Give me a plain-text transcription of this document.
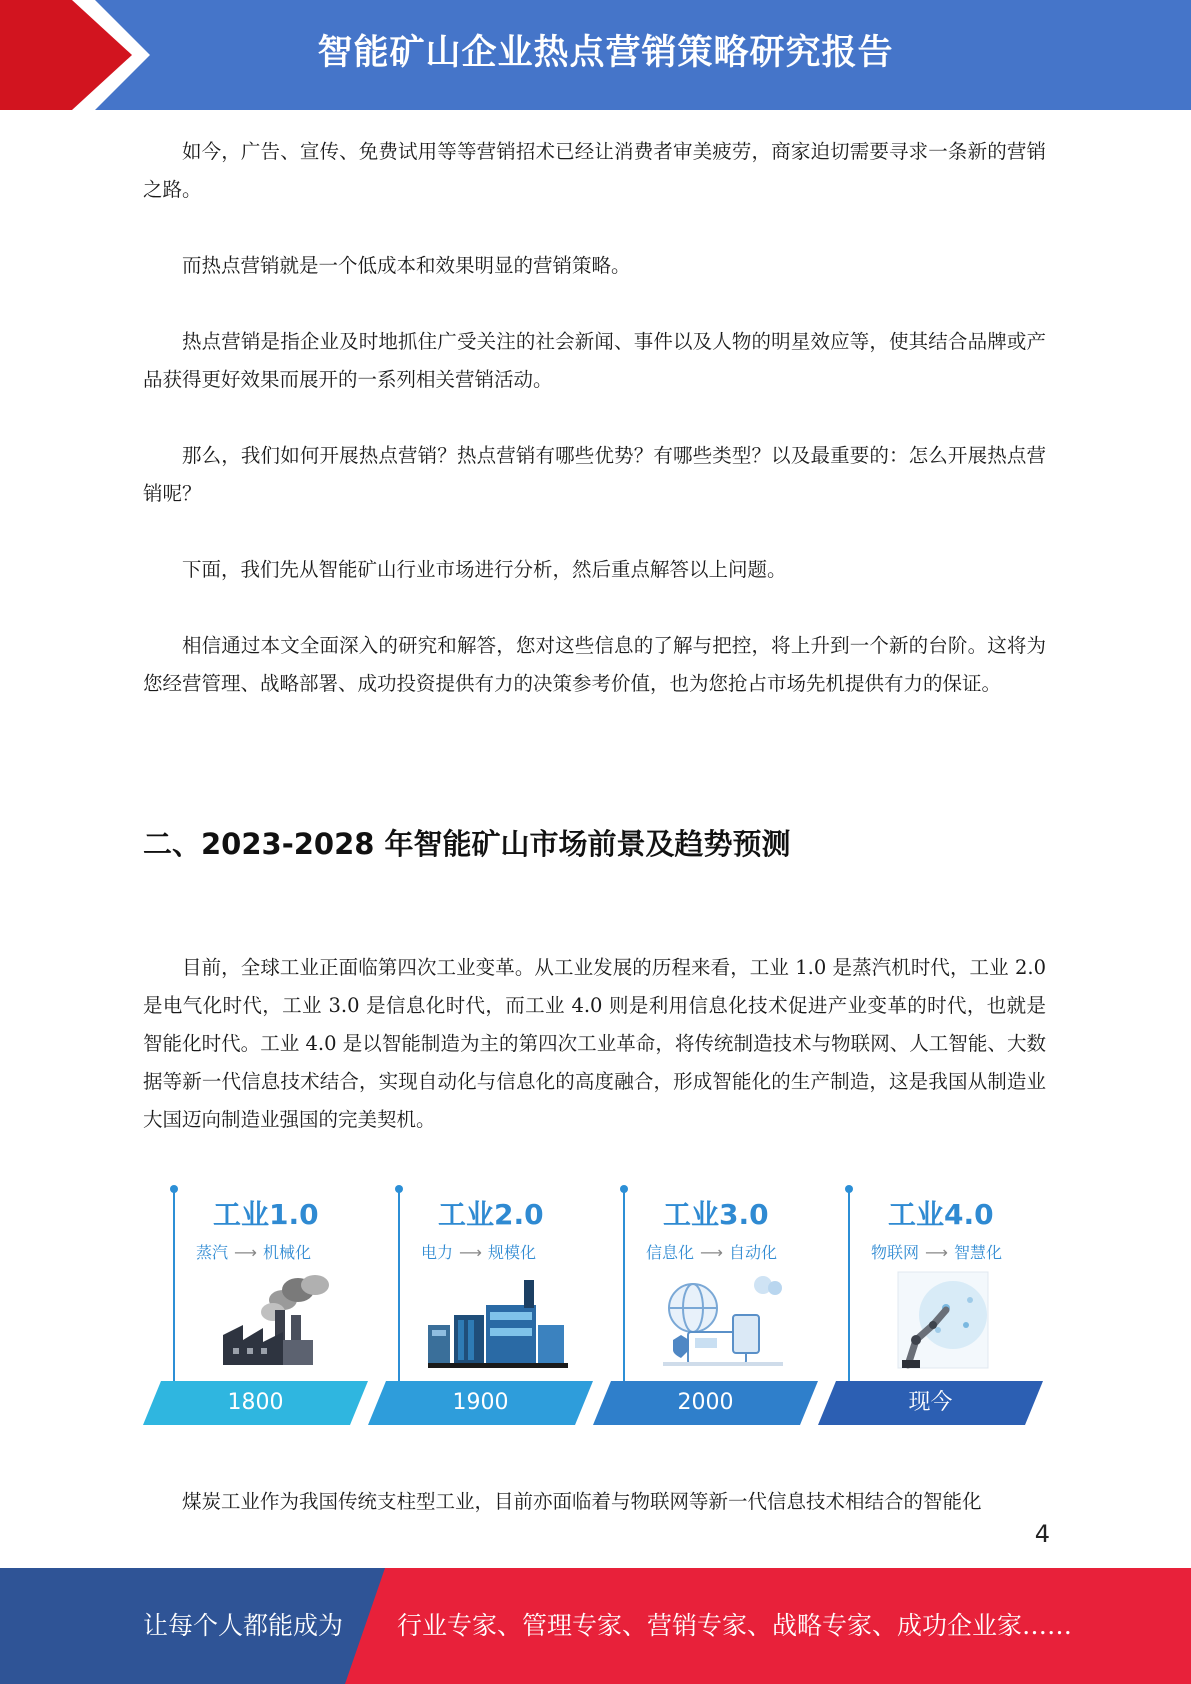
智能矿山企业热点营销策略研究报告

如今，广告、宣传、免费试用等等营销招术已经让消费者审美疲劳，商家迫切需要寻求一条新的营销之路。

而热点营销就是一个低成本和效果明显的营销策略。

热点营销是指企业及时地抓住广受关注的社会新闻、事件以及人物的明星效应等，使其结合品牌或产品获得更好效果而展开的一系列相关营销活动。

那么，我们如何开展热点营销？热点营销有哪些优势？有哪些类型？以及最重要的：怎么开展热点营销呢？

下面，我们先从智能矿山行业市场进行分析，然后重点解答以上问题。

相信通过本文全面深入的研究和解答，您对这些信息的了解与把控，将上升到一个新的台阶。这将为您经营管理、战略部署、成功投资提供有力的决策参考价值，也为您抢占市场先机提供有力的保证。

二、2023-2028 年智能矿山市场前景及趋势预测

目前，全球工业正面临第四次工业变革。从工业发展的历程来看，工业 1.0 是蒸汽机时代，工业 2.0 是电气化时代，工业 3.0 是信息化时代，而工业 4.0 则是利用信息化技术促进产业变革的时代，也就是智能化时代。工业 4.0 是以智能制造为主的第四次工业革命，将传统制造技术与物联网、人工智能、大数据等新一代信息技术结合，实现自动化与信息化的高度融合，形成智能化的生产制造，这是我国从制造业大国迈向制造业强国的完美契机。

工业1.0
蒸汽 ⟶ 机械化
1800
工业2.0
电力 ⟶ 规模化
1900
工业3.0
信息化 ⟶ 自动化
2000
工业4.0
物联网 ⟶ 智慧化
现今

煤炭工业作为我国传统支柱型工业，目前亦面临着与物联网等新一代信息技术相结合的智能化

4
让每个人都能成为 行业专家、管理专家、营销专家、战略专家、成功企业家……
